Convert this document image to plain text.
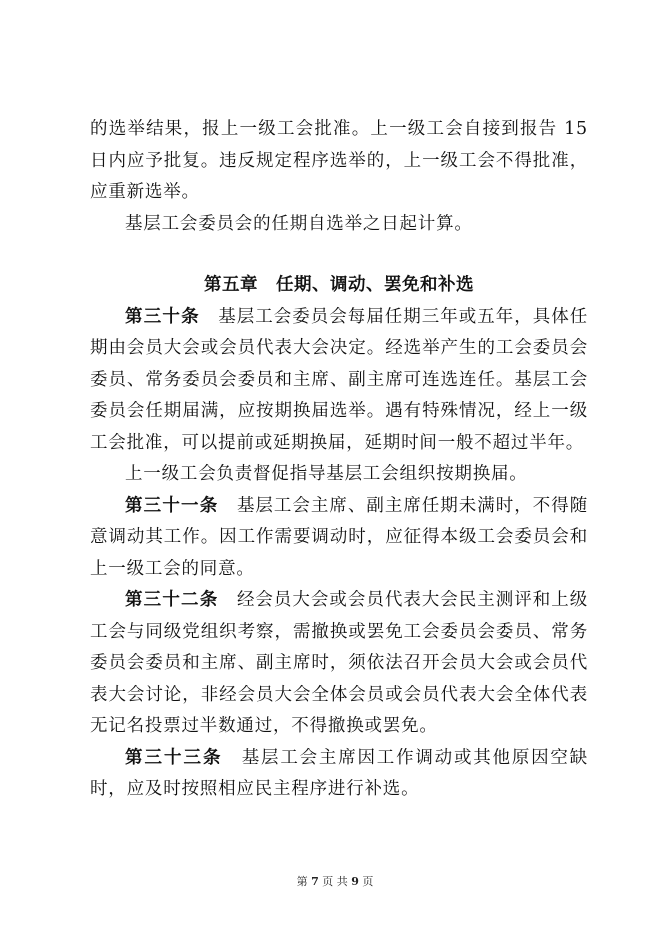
的选举结果，报上一级工会批准。上一级工会自接到报告 15 日内应予批复。违反规定程序选举的，上一级工会不得批准，应重新选举。

基层工会委员会的任期自选举之日起计算。

第五章　任期、调动、罢免和补选

第三十条　 基层工会委员会每届任期三年或五年，具体任期由会员大会或会员代表大会决定。经选举产生的工会委员会委员、常务委员会委员和主席、副主席可连选连任。基层工会委员会任期届满，应按期换届选举。遇有特殊情况，经上一级工会批准，可以提前或延期换届，延期时间一般不超过半年。

上一级工会负责督促指导基层工会组织按期换届。

第三十一条　 基层工会主席、副主席任期未满时，不得随意调动其工作。因工作需要调动时，应征得本级工会委员会和上一级工会的同意。

第三十二条　 经会员大会或会员代表大会民主测评和上级工会与同级党组织考察，需撤换或罢免工会委员会委员、常务委员会委员和主席、副主席时，须依法召开会员大会或会员代表大会讨论，非经会员大会全体会员或会员代表大会全体代表无记名投票过半数通过，不得撤换或罢免。

第三十三条　 基层工会主席因工作调动或其他原因空缺时，应及时按照相应民主程序进行补选。

第 7 页 共 9 页
